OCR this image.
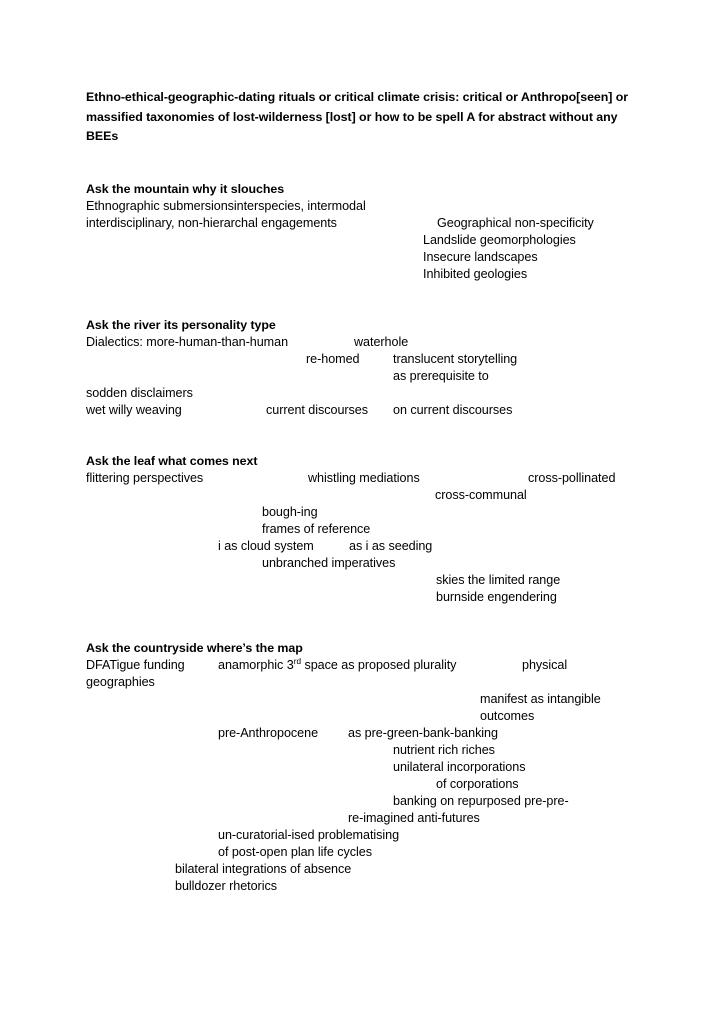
Ethno-ethical-geographic-dating rituals or critical climate crisis: critical or Anthropo[seen] or massified taxonomies of lost-wilderness [lost] or how to be spell A for abstract without any BEEs
Ask the mountain why it slouches
Ethnographic submersionsinterspecies, intermodal
interdisciplinary, non-hierarchal engagements	Geographical non-specificity
Landslide geomorphologies
Insecure landscapes
Inhibited geologies
Ask the river its personality type
Dialectics: more-human-than-human	waterhole
re-homed	translucent storytelling
as prerequisite to
sodden disclaimers
wet willy weaving	current discourses on current discourses
Ask the leaf what comes next
flittering perspectives	whistling mediations	cross-pollinated
cross-communal
bough-ing
frames of reference
i as cloud system	as i as seeding
unbranched imperatives
skies the limited range
burnside engendering
Ask the countryside where’s the map
DFATigue funding	anamorphic 3rd space as proposed plurality	physical
geographies
manifest as intangible
outcomes
pre-Anthropocene as pre-green-bank-banking
nutrient rich riches
unilateral incorporations
of corporations
banking on repurposed pre-pre-
re-imagined anti-futures
un-curatorial-ised problematising
of post-open plan life cycles
bilateral integrations of absence
bulldozer rhetorics
